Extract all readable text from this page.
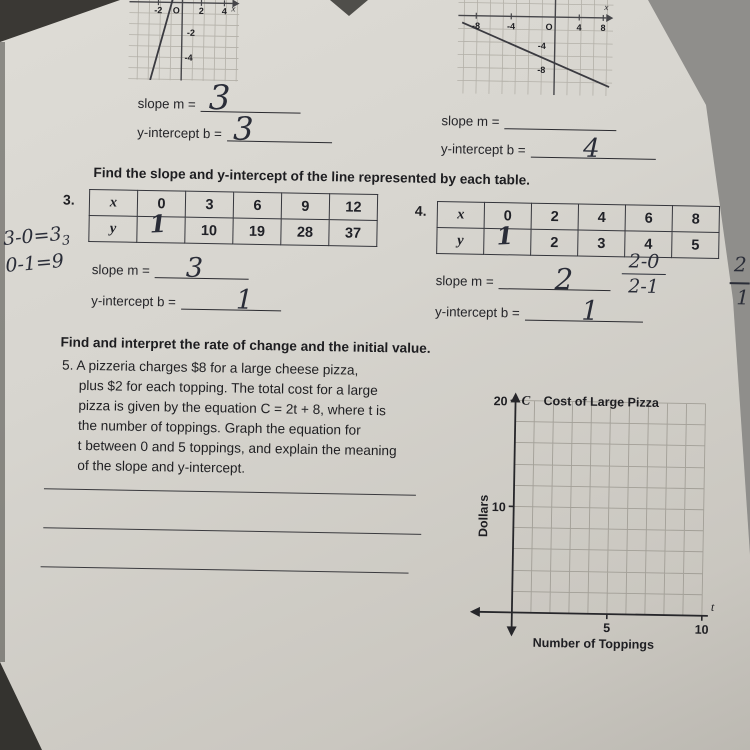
-2 O 2 4
-2
-4
x
-8	-4	O	4 8
-4
-8
x
slope m = 3
y-intercept b = 3	slope m =
y-intercept b = 4
Find the slope and y-intercept of the line represented by each table.
3. x	0	3	6	9	12
y	1	10	19	28	37
$3-0=3_3$
0-1=9	slope m = 3
y-intercept b = 1
4. x	0	2	4	6	8
y	1	2	3	4	5
slope m = 2
y-intercept b = 1
2-0
2-1
2
1
Find and interpret the rate of change and the initial value.
5. A pizzeria charges $8 for a large cheese pizza,
plus $2 for each topping. The total cost for a large
pizza is given by the equation C = 2t + 8, where t is
the number of toppings. Graph the equation for
t between 0 and 5 toppings, and explain the meaning
of the slope and y-intercept.
20
10
5	10
C Cost of Large Pizza
t
Dollars
Number of Toppings
